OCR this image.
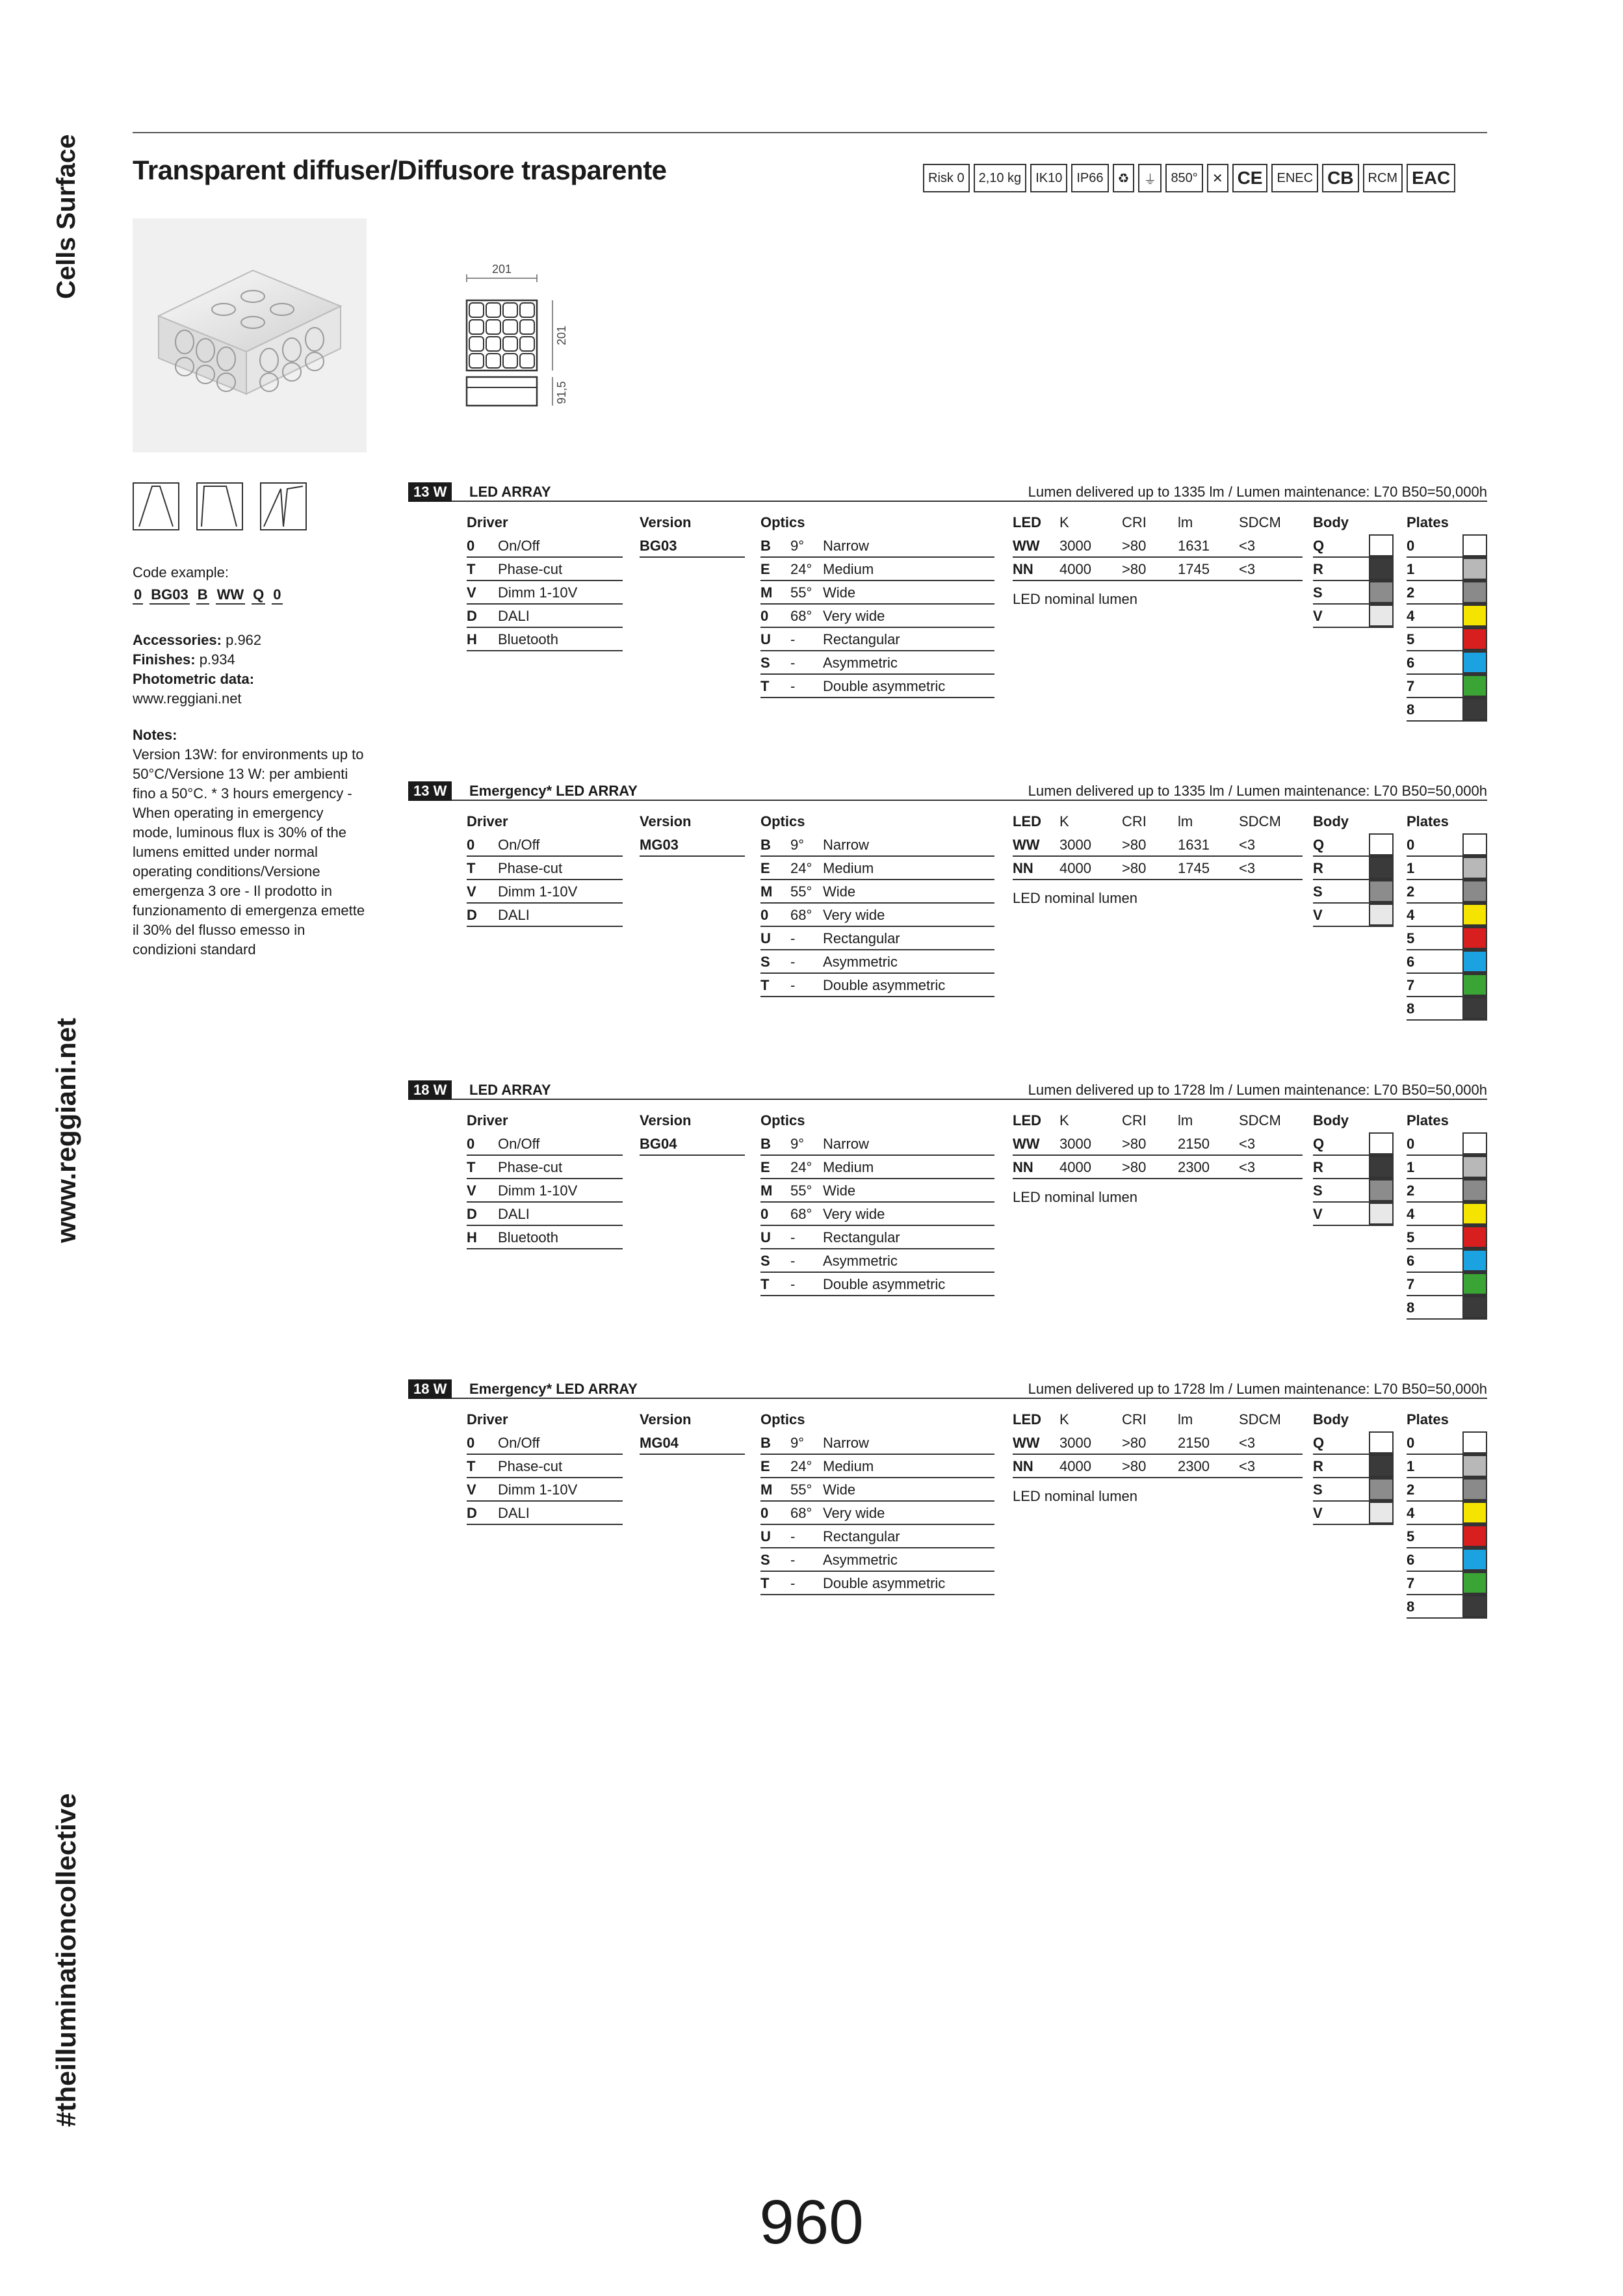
Cells Surface
www.reggiani.net
#theilluminationcollective
Transparent diffuser/Diffusore trasparente	Risk 0	2,10 kg	IK10	IP66	♻	⏚	850°	✕ CE	ENEC CB	RCM EAC
201
201
91,5
Code example:
0 BG03 B WW Q 0
Accessories: p.962
Finishes: p.934
Photometric data:
www.reggiani.net
Notes:
Version 13W: for environments up to 50°C/Versione 13 W: per ambienti fino a 50°C. * 3 hours emergency - When operating in emergency mode, luminous flux is 30% of the lumens emitted under normal operating conditions/Versione emergenza 3 ore - Il prodotto in funzionamento di emergenza emette il 30% del flusso emesso in condizioni standard
13 W	LED ARRAY	Lumen delivered up to 1335 lm / Lumen maintenance: L70 B50=50,000h
Driver
0	On/Off
T	Phase-cut
V	Dimm 1-10V
D	DALI
H	Bluetooth
Version
BG03
Optics
B	9°	Narrow
E	24° Medium
M	55° Wide
0	68° Very wide
U	-	Rectangular
S	-	Asymmetric
T	-	Double asymmetric
LED	K	CRI	lm	SDCM
WW	3000	>80	1631	<3
NN	4000	>80	1745	<3
LED nominal lumen
Body
Q
R
S
V
Plates
0
1
2
4
5
6
7
8
13 W	Emergency* LED ARRAY	Lumen delivered up to 1335 lm / Lumen maintenance: L70 B50=50,000h
Driver
0	On/Off
T	Phase-cut
V	Dimm 1-10V
D	DALI
Version
MG03
Optics
B	9°	Narrow
E	24° Medium
M	55° Wide
0	68° Very wide
U	-	Rectangular
S	-	Asymmetric
T	-	Double asymmetric
LED	K	CRI	lm	SDCM
WW	3000	>80	1631	<3
NN	4000	>80	1745	<3
LED nominal lumen
Body
Q
R
S
V
Plates
0
1
2
4
5
6
7
8
18 W	LED ARRAY	Lumen delivered up to 1728 lm / Lumen maintenance: L70 B50=50,000h
Driver
0	On/Off
T	Phase-cut
V	Dimm 1-10V
D	DALI
H	Bluetooth
Version
BG04
Optics
B	9°	Narrow
E	24° Medium
M	55° Wide
0	68° Very wide
U	-	Rectangular
S	-	Asymmetric
T	-	Double asymmetric
LED	K	CRI	lm	SDCM
WW	3000	>80	2150	<3
NN	4000	>80	2300	<3
LED nominal lumen
Body
Q
R
S
V
Plates
0
1
2
4
5
6
7
8
18 W	Emergency* LED ARRAY	Lumen delivered up to 1728 lm / Lumen maintenance: L70 B50=50,000h
Driver
0	On/Off
T	Phase-cut
V	Dimm 1-10V
D	DALI
Version
MG04
Optics
B	9°	Narrow
E	24° Medium
M	55° Wide
0	68° Very wide
U	-	Rectangular
S	-	Asymmetric
T	-	Double asymmetric
LED	K	CRI	lm	SDCM
WW	3000	>80	2150	<3
NN	4000	>80	2300	<3
LED nominal lumen
Body
Q
R
S
V
Plates
0
1
2
4
5
6
7
8
960
